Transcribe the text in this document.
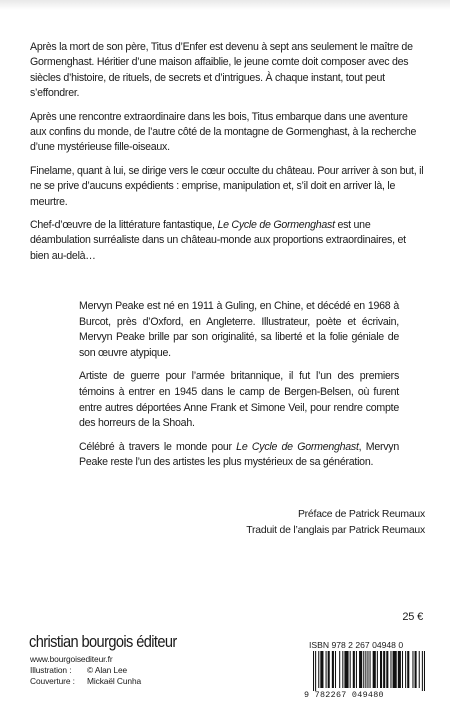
Après la mort de son père, Titus d’Enfer est devenu à sept ans seulement le maître de Gormenghast. Héritier d’une maison affaiblie, le jeune comte doit composer avec des siècles d’histoire, de rituels, de secrets et d’intrigues. À chaque instant, tout peut s’effondrer.

Après une rencontre extraordinaire dans les bois, Titus embarque dans une aventure aux confins du monde, de l’autre côté de la montagne de Gormenghast, à la recherche d’une mystérieuse fille-oiseaux.

Finelame, quant à lui, se dirige vers le cœur occulte du château. Pour arriver à son but, il ne se prive d’aucuns expédients : emprise, manipulation et, s’il doit en arriver là, le meurtre.

Chef-d’œuvre de la littérature fantastique, Le Cycle de Gormenghast est une déambulation surréaliste dans un château-monde aux proportions extraordinaires, et bien au-delà…

Mervyn Peake est né en 1911 à Guling, en Chine, et décédé en 1968 à Burcot, près d’Oxford, en Angleterre. Illustrateur, poète et écrivain, Mervyn Peake brille par son originalité, sa liberté et la folie géniale de son œuvre atypique.

Artiste de guerre pour l’armée britannique, il fut l’un des premiers témoins à entrer en 1945 dans le camp de Bergen-Belsen, où furent entre autres déportées Anne Frank et Simone Veil, pour rendre compte des horreurs de la Shoah.

Célébré à travers le monde pour Le Cycle de Gormenghast, Mervyn Peake reste l’un des artistes les plus mystérieux de sa génération.

Préface de Patrick Reumaux
Traduit de l’anglais par Patrick Reumaux
25 €
christian bourgois éditeur
www.bourgoisediteur.fr
Illustration :	© Alan Lee
Couverture :	Mickaël Cunha
ISBN 978 2 267 04948 0
9 782267 049480
